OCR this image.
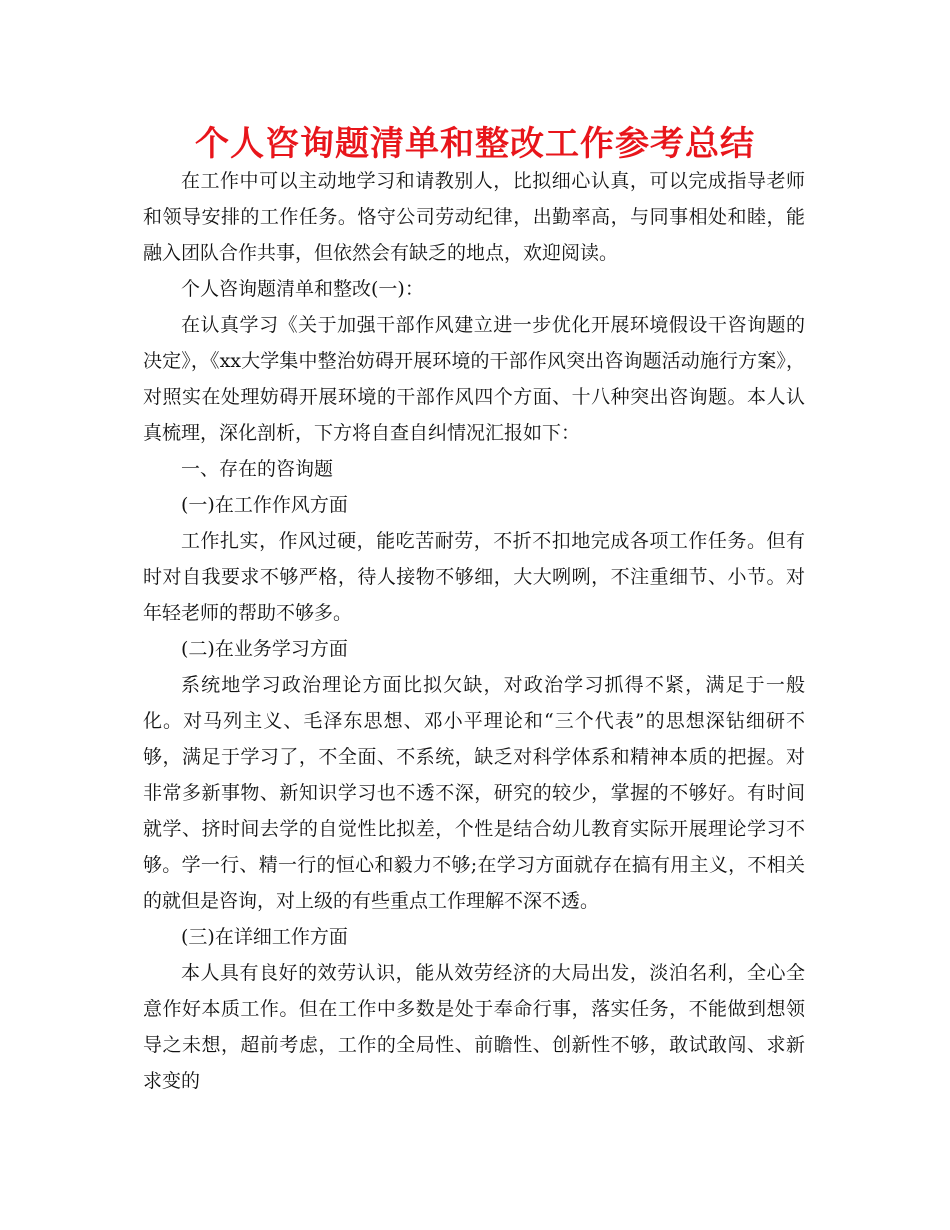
个人咨询题清单和整改工作参考总结

在工作中可以主动地学习和请教别人，比拟细心认真，可以完成指导老师和领导安排的工作任务。恪守公司劳动纪律，出勤率高，与同事相处和睦，能融入团队合作共事，但依然会有缺乏的地点，欢迎阅读。

个人咨询题清单和整改(一)：

在认真学习《关于加强干部作风建立进一步优化开展环境假设干咨询题的决定》，《xx大学集中整治妨碍开展环境的干部作风突出咨询题活动施行方案》，对照实在处理妨碍开展环境的干部作风四个方面、十八种突出咨询题。本人认真梳理，深化剖析，下方将自查自纠情况汇报如下：

一、存在的咨询题

(一)在工作作风方面

工作扎实，作风过硬，能吃苦耐劳，不折不扣地完成各项工作任务。但有时对自我要求不够严格，待人接物不够细，大大咧咧，不注重细节、小节。对年轻老师的帮助不够多。

(二)在业务学习方面

系统地学习政治理论方面比拟欠缺，对政治学习抓得不紧，满足于一般化。对马列主义、毛泽东思想、邓小平理论和“三个代表”的思想深钻细研不够，满足于学习了，不全面、不系统，缺乏对科学体系和精神本质的把握。对非常多新事物、新知识学习也不透不深，研究的较少，掌握的不够好。有时间就学、挤时间去学的自觉性比拟差，个性是结合幼儿教育实际开展理论学习不够。学一行、精一行的恒心和毅力不够;在学习方面就存在搞有用主义，不相关的就但是咨询，对上级的有些重点工作理解不深不透。

(三)在详细工作方面

本人具有良好的效劳认识，能从效劳经济的大局出发，淡泊名利，全心全意作好本质工作。但在工作中多数是处于奉命行事，落实任务，不能做到想领导之未想，超前考虑，工作的全局性、前瞻性、创新性不够，敢试敢闯、求新求变的
